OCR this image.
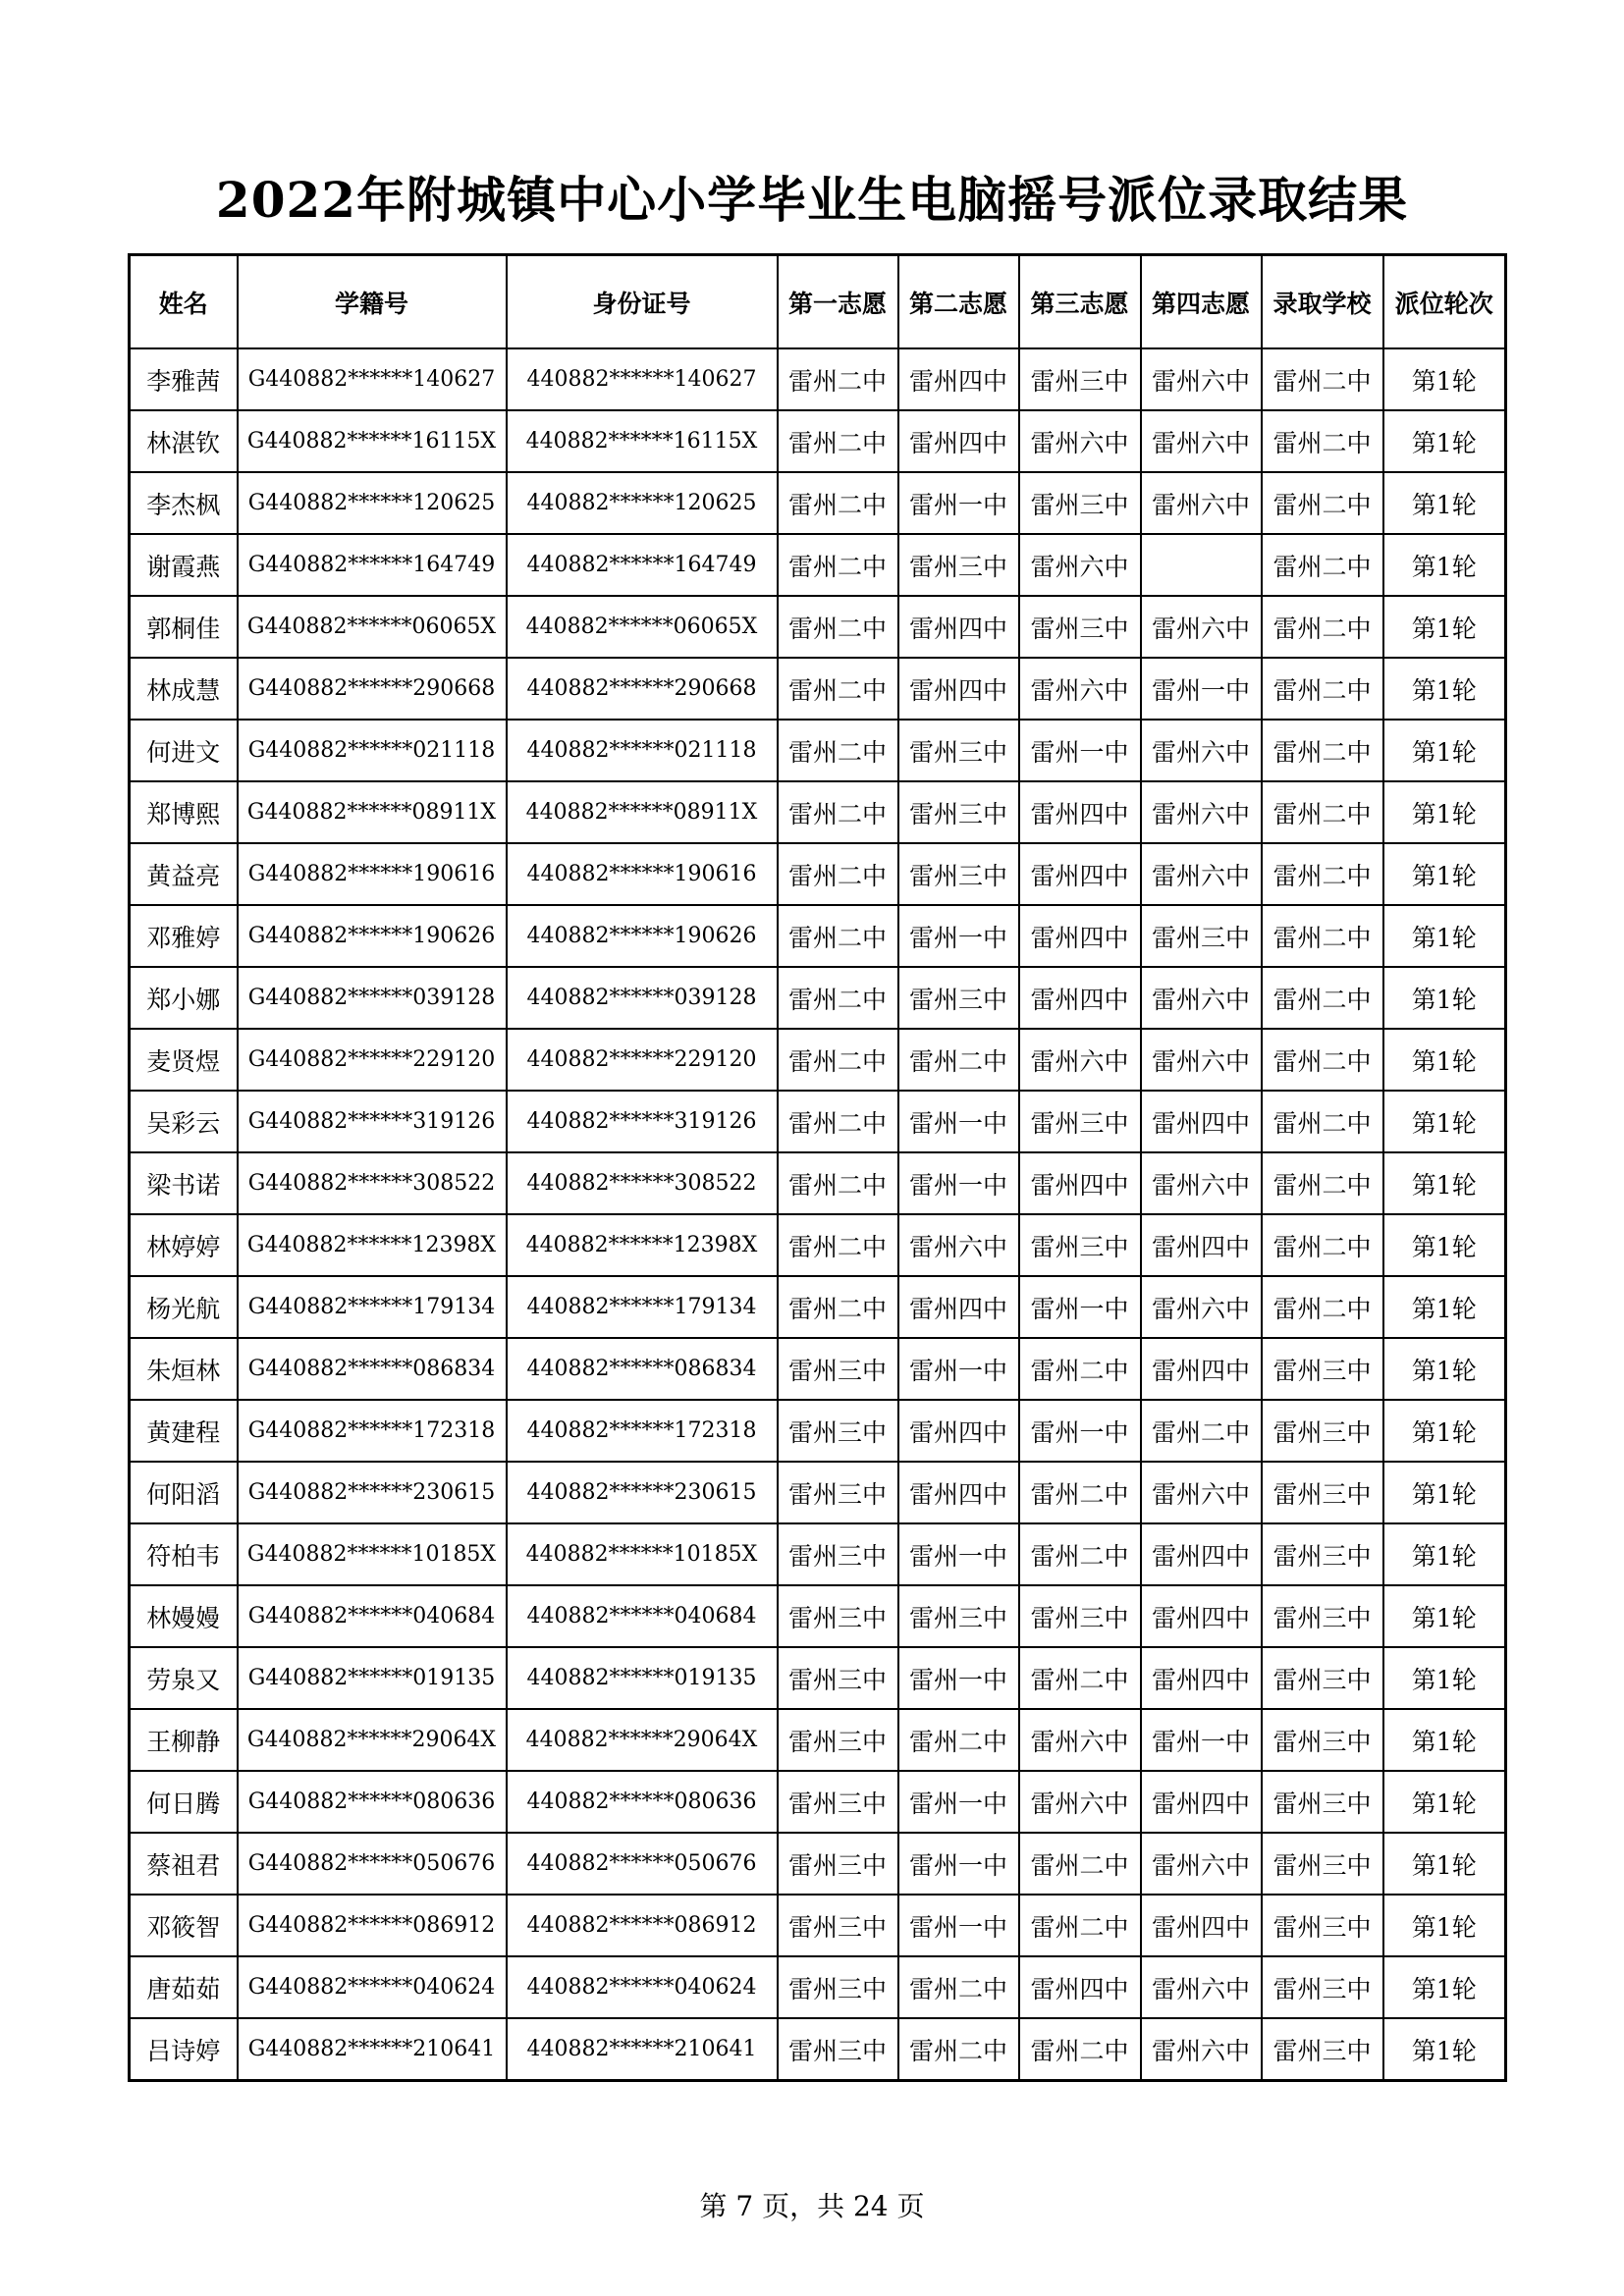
2022年附城镇中心小学毕业生电脑摇号派位录取结果
姓名	学籍号	身份证号	第一志愿	第二志愿	第三志愿	第四志愿	录取学校	派位轮次
李雅茜	G440882******140627	440882******140627	雷州二中	雷州四中	雷州三中	雷州六中	雷州二中	第1轮
林湛钦	G440882******16115X	440882******16115X	雷州二中	雷州四中	雷州六中	雷州六中	雷州二中	第1轮
李杰枫	G440882******120625	440882******120625	雷州二中	雷州一中	雷州三中	雷州六中	雷州二中	第1轮
谢霞燕	G440882******164749	440882******164749	雷州二中	雷州三中	雷州六中		雷州二中	第1轮
郭桐佳	G440882******06065X	440882******06065X	雷州二中	雷州四中	雷州三中	雷州六中	雷州二中	第1轮
林成慧	G440882******290668	440882******290668	雷州二中	雷州四中	雷州六中	雷州一中	雷州二中	第1轮
何进文	G440882******021118	440882******021118	雷州二中	雷州三中	雷州一中	雷州六中	雷州二中	第1轮
郑博熙	G440882******08911X	440882******08911X	雷州二中	雷州三中	雷州四中	雷州六中	雷州二中	第1轮
黄益亮	G440882******190616	440882******190616	雷州二中	雷州三中	雷州四中	雷州六中	雷州二中	第1轮
邓雅婷	G440882******190626	440882******190626	雷州二中	雷州一中	雷州四中	雷州三中	雷州二中	第1轮
郑小娜	G440882******039128	440882******039128	雷州二中	雷州三中	雷州四中	雷州六中	雷州二中	第1轮
麦贤煜	G440882******229120	440882******229120	雷州二中	雷州二中	雷州六中	雷州六中	雷州二中	第1轮
吴彩云	G440882******319126	440882******319126	雷州二中	雷州一中	雷州三中	雷州四中	雷州二中	第1轮
梁书诺	G440882******308522	440882******308522	雷州二中	雷州一中	雷州四中	雷州六中	雷州二中	第1轮
林婷婷	G440882******12398X	440882******12398X	雷州二中	雷州六中	雷州三中	雷州四中	雷州二中	第1轮
杨光航	G440882******179134	440882******179134	雷州二中	雷州四中	雷州一中	雷州六中	雷州二中	第1轮
朱烜林	G440882******086834	440882******086834	雷州三中	雷州一中	雷州二中	雷州四中	雷州三中	第1轮
黄建程	G440882******172318	440882******172318	雷州三中	雷州四中	雷州一中	雷州二中	雷州三中	第1轮
何阳滔	G440882******230615	440882******230615	雷州三中	雷州四中	雷州二中	雷州六中	雷州三中	第1轮
符柏韦	G440882******10185X	440882******10185X	雷州三中	雷州一中	雷州二中	雷州四中	雷州三中	第1轮
林嫚嫚	G440882******040684	440882******040684	雷州三中	雷州三中	雷州三中	雷州四中	雷州三中	第1轮
劳泉又	G440882******019135	440882******019135	雷州三中	雷州一中	雷州二中	雷州四中	雷州三中	第1轮
王柳静	G440882******29064X	440882******29064X	雷州三中	雷州二中	雷州六中	雷州一中	雷州三中	第1轮
何日腾	G440882******080636	440882******080636	雷州三中	雷州一中	雷州六中	雷州四中	雷州三中	第1轮
蔡祖君	G440882******050676	440882******050676	雷州三中	雷州一中	雷州二中	雷州六中	雷州三中	第1轮
邓筱智	G440882******086912	440882******086912	雷州三中	雷州一中	雷州二中	雷州四中	雷州三中	第1轮
唐茹茹	G440882******040624	440882******040624	雷州三中	雷州二中	雷州四中	雷州六中	雷州三中	第1轮
吕诗婷	G440882******210641	440882******210641	雷州三中	雷州二中	雷州二中	雷州六中	雷州三中	第1轮
第 7 页，共 24 页
